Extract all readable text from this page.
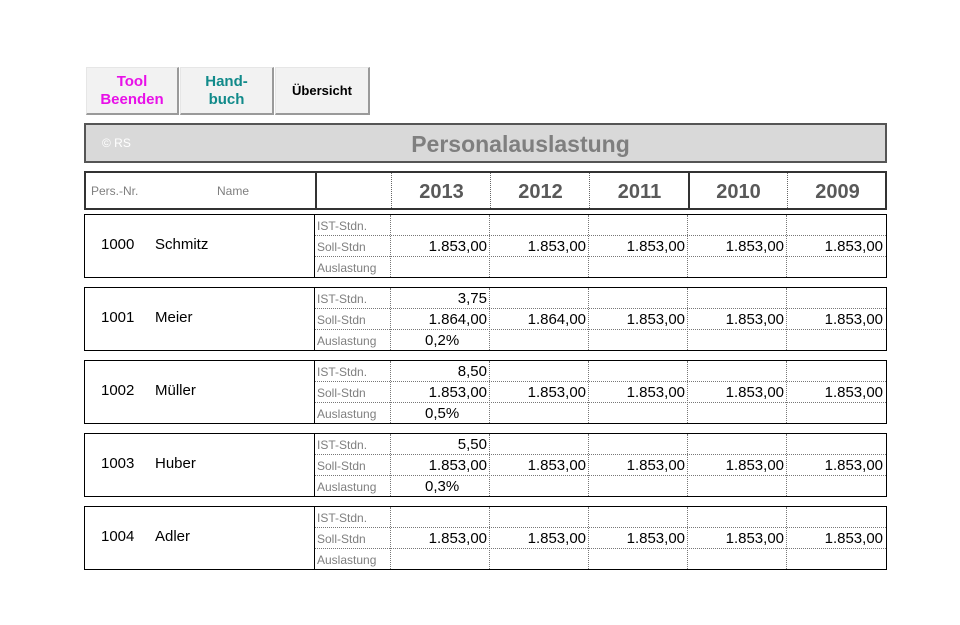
Tool
Beenden
Hand-
buch
Übersicht
© RS	Personalauslastung
Pers.-Nr.	Name	2013	2012	2011	2010	2009
1000 Schmitz
IST-Stdn.
Soll-Stdn	1.853,00	1.853,00	1.853,00	1.853,00	1.853,00
Auslastung
1001 Meier
IST-Stdn.	3,75
Soll-Stdn	1.864,00	1.864,00	1.853,00	1.853,00	1.853,00
Auslastung	0,2%
1002 Müller
IST-Stdn.	8,50
Soll-Stdn	1.853,00	1.853,00	1.853,00	1.853,00	1.853,00
Auslastung	0,5%
1003 Huber
IST-Stdn.	5,50
Soll-Stdn	1.853,00	1.853,00	1.853,00	1.853,00	1.853,00
Auslastung	0,3%
1004 Adler
IST-Stdn.
Soll-Stdn	1.853,00	1.853,00	1.853,00	1.853,00	1.853,00
Auslastung
